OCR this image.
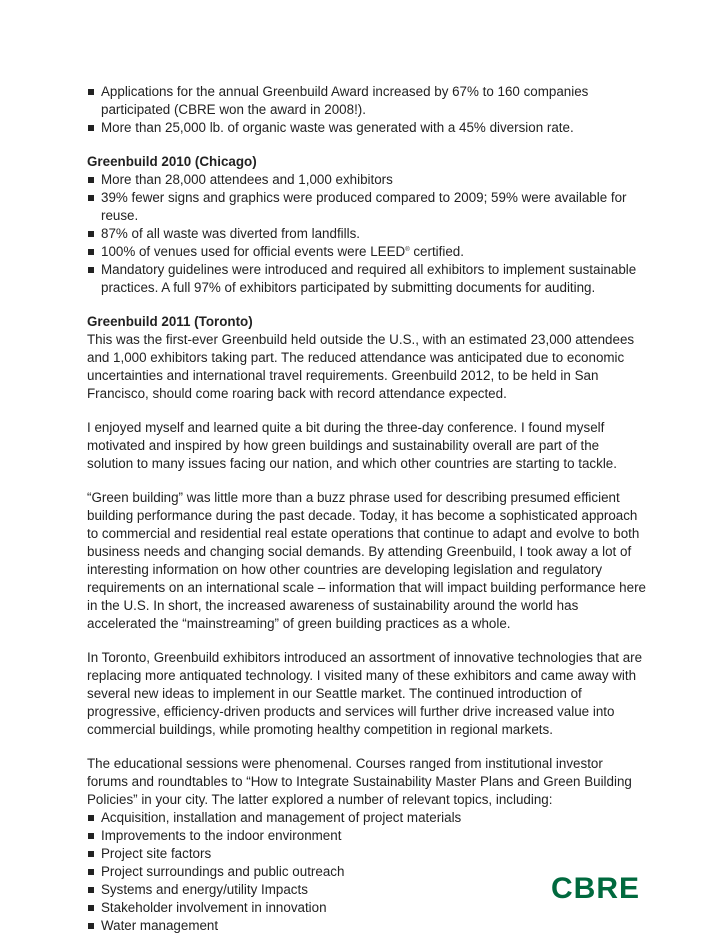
Applications for the annual Greenbuild Award increased by 67% to 160 companies participated (CBRE won the award in 2008!).
More than 25,000 lb. of organic waste was generated with a 45% diversion rate.

Greenbuild 2010 (Chicago)

More than 28,000 attendees and 1,000 exhibitors
39% fewer signs and graphics were produced compared to 2009; 59% were available for reuse.
87% of all waste was diverted from landfills.
100% of venues used for official events were LEED® certified.
Mandatory guidelines were introduced and required all exhibitors to implement sustainable practices. A full 97% of exhibitors participated by submitting documents for auditing.

Greenbuild 2011 (Toronto)

This was the first-ever Greenbuild held outside the U.S., with an estimated 23,000 attendees and 1,000 exhibitors taking part. The reduced attendance was anticipated due to economic uncertainties and international travel requirements. Greenbuild 2012, to be held in San Francisco, should come roaring back with record attendance expected.

I enjoyed myself and learned quite a bit during the three-day conference. I found myself motivated and inspired by how green buildings and sustainability overall are part of the solution to many issues facing our nation, and which other countries are starting to tackle.

“Green building” was little more than a buzz phrase used for describing presumed efficient building performance during the past decade. Today, it has become a sophisticated approach to commercial and residential real estate operations that continue to adapt and evolve to both business needs and changing social demands. By attending Greenbuild, I took away a lot of interesting information on how other countries are developing legislation and regulatory requirements on an international scale – information that will impact building performance here in the U.S. In short, the increased awareness of sustainability around the world has accelerated the “mainstreaming” of green building practices as a whole.

In Toronto, Greenbuild exhibitors introduced an assortment of innovative technologies that are replacing more antiquated technology. I visited many of these exhibitors and came away with several new ideas to implement in our Seattle market. The continued introduction of progressive, efficiency-driven products and services will further drive increased value into commercial buildings, while promoting healthy competition in regional markets.

The educational sessions were phenomenal. Courses ranged from institutional investor forums and roundtables to “How to Integrate Sustainability Master Plans and Green Building Policies” in your city. The latter explored a number of relevant topics, including:

Acquisition, installation and management of project materials
Improvements to the indoor environment
Project site factors
Project surroundings and public outreach
Systems and energy/utility Impacts
Stakeholder involvement in innovation
Water management
CBRE
